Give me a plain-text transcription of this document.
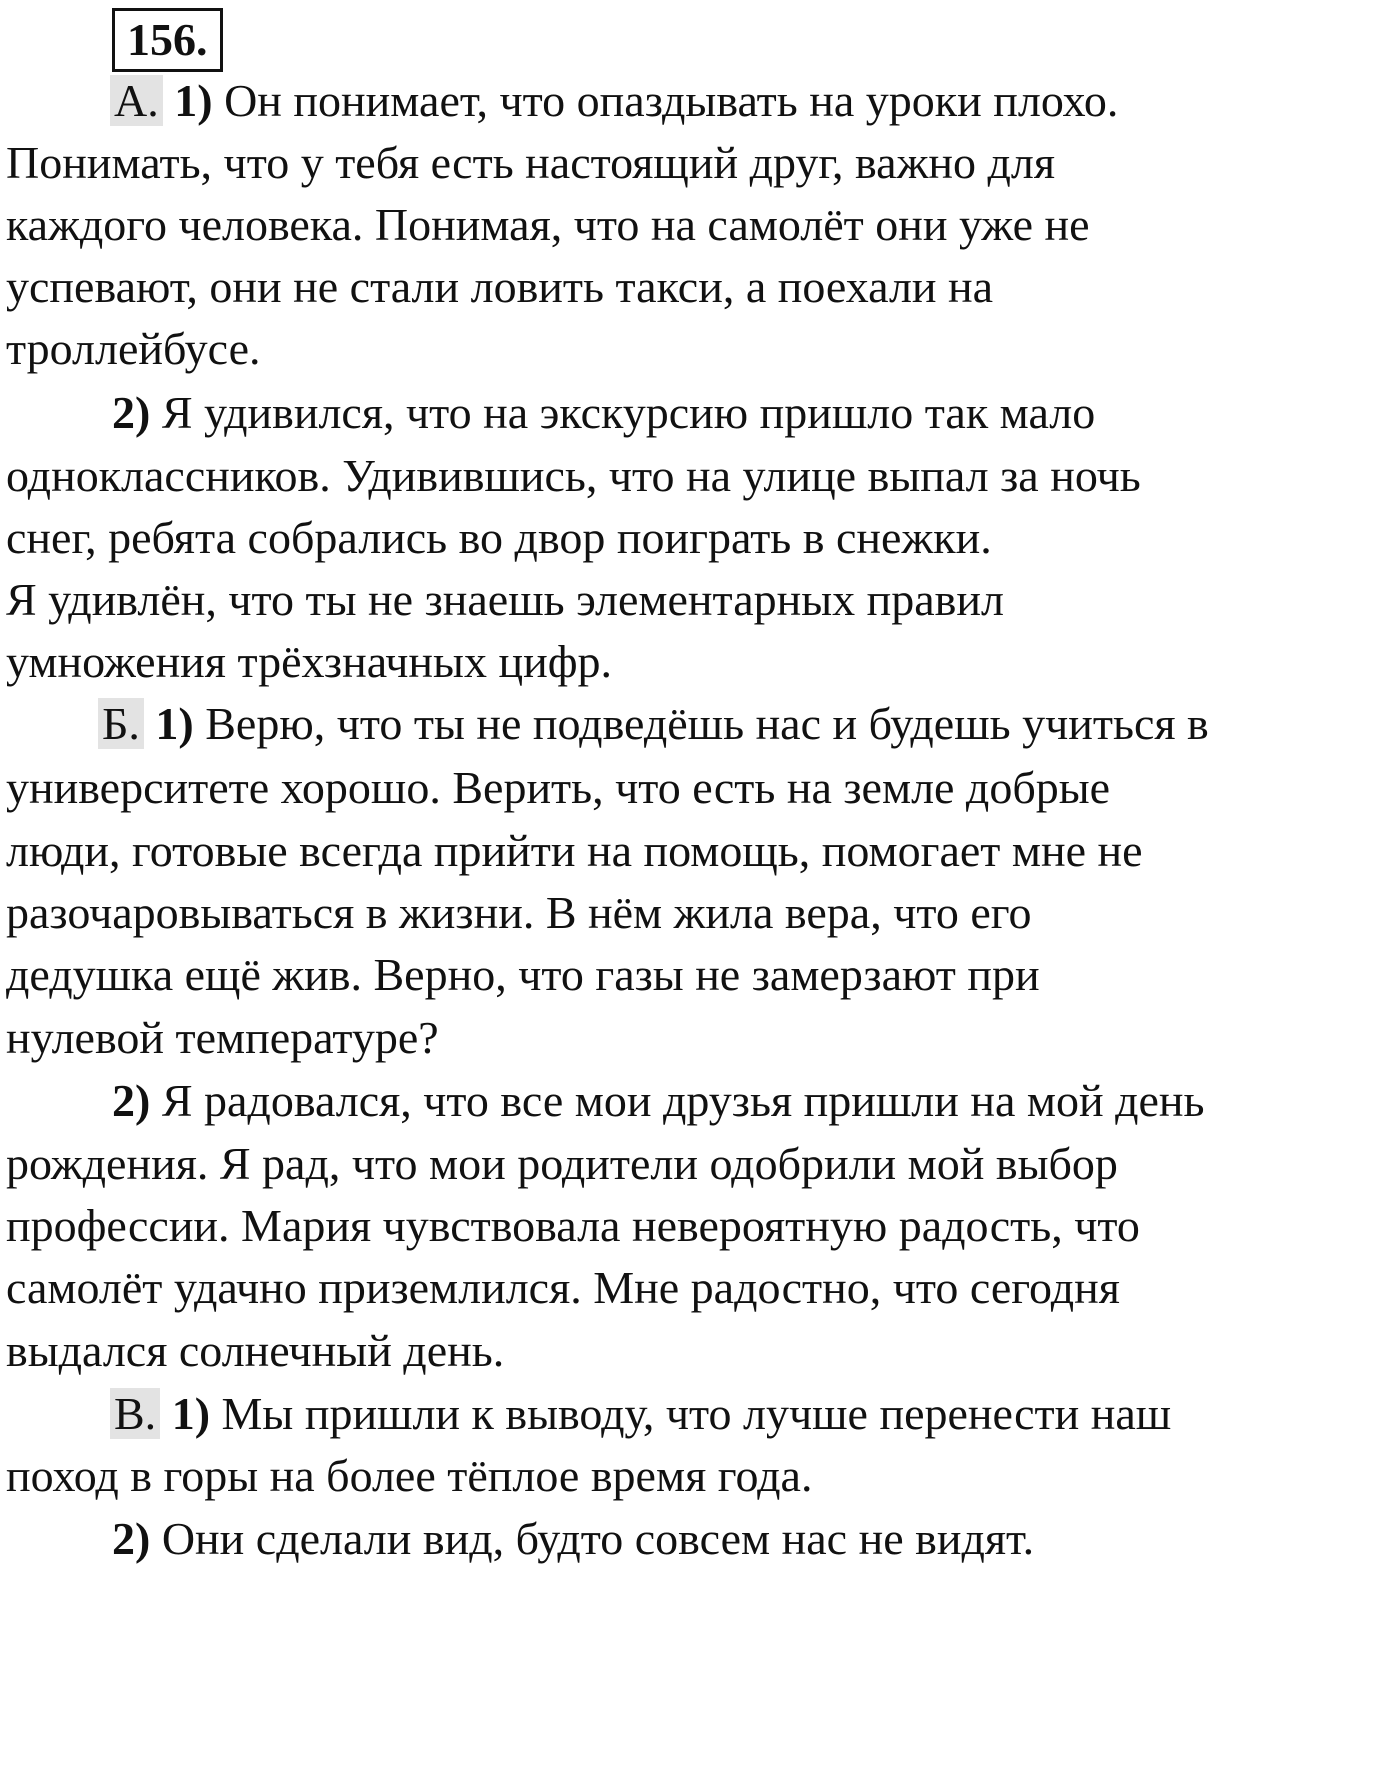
156.
А. 1) Он понимает, что опаздывать на уроки плохо.
Понимать, что у тебя есть настоящий друг, важно для
каждого человека. Понимая, что на самолёт они уже не
успевают, они не стали ловить такси, а поехали на
троллейбусе.
2) Я удивился, что на экскурсию пришло так мало
одноклассников. Удивившись, что на улице выпал за ночь
снег, ребята собрались во двор поиграть в снежки.
Я удивлён, что ты не знаешь элементарных правил
умножения трёхзначных цифр.
Б. 1) Верю, что ты не подведёшь нас и будешь учиться в
университете хорошо. Верить, что есть на земле добрые
люди, готовые всегда прийти на помощь, помогает мне не
разочаровываться в жизни. В нём жила вера, что его
дедушка ещё жив. Верно, что газы не замерзают при
нулевой температуре?
2) Я радовался, что все мои друзья пришли на мой день
рождения. Я рад, что мои родители одобрили мой выбор
профессии. Мария чувствовала невероятную радость, что
самолёт удачно приземлился. Мне радостно, что сегодня
выдался солнечный день.
В. 1) Мы пришли к выводу, что лучше перенести наш
поход в горы на более тёплое время года.
2) Они сделали вид, будто совсем нас не видят.
